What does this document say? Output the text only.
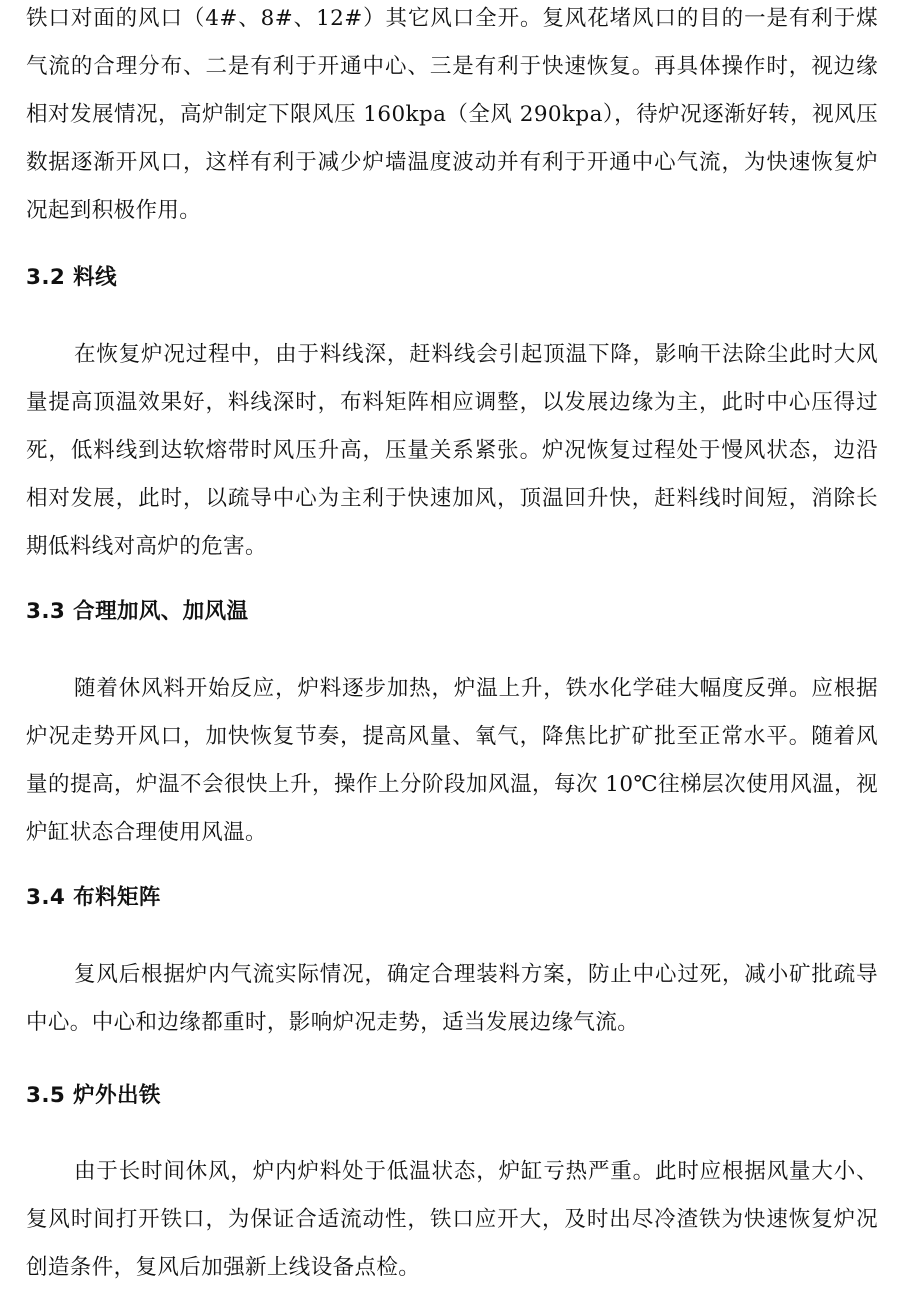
铁口对面的风口（4#、8#、12#）其它风口全开。复风花堵风口的目的一是有利于煤气流的合理分布、二是有利于开通中心、三是有利于快速恢复。再具体操作时，视边缘相对发展情况，高炉制定下限风压 160kpa（全风 290kpa），待炉况逐渐好转，视风压数据逐渐开风口，这样有利于减少炉墙温度波动并有利于开通中心气流，为快速恢复炉况起到积极作用。

3.2 料线

在恢复炉况过程中，由于料线深，赶料线会引起顶温下降，影响干法除尘此时大风量提高顶温效果好，料线深时，布料矩阵相应调整，以发展边缘为主，此时中心压得过死，低料线到达软熔带时风压升高，压量关系紧张。炉况恢复过程处于慢风状态，边沿相对发展，此时，以疏导中心为主利于快速加风，顶温回升快，赶料线时间短，消除长期低料线对高炉的危害。

3.3 合理加风、加风温

随着休风料开始反应，炉料逐步加热，炉温上升，铁水化学硅大幅度反弹。应根据炉况走势开风口，加快恢复节奏，提高风量、氧气，降焦比扩矿批至正常水平。随着风量的提高，炉温不会很快上升，操作上分阶段加风温，每次 10℃往梯层次使用风温，视炉缸状态合理使用风温。

3.4 布料矩阵

复风后根据炉内气流实际情况，确定合理装料方案，防止中心过死，减小矿批疏导中心。中心和边缘都重时，影响炉况走势，适当发展边缘气流。

3.5 炉外出铁

由于长时间休风，炉内炉料处于低温状态，炉缸亏热严重。此时应根据风量大小、复风时间打开铁口，为保证合适流动性，铁口应开大，及时出尽冷渣铁为快速恢复炉况创造条件，复风后加强新上线设备点检。
